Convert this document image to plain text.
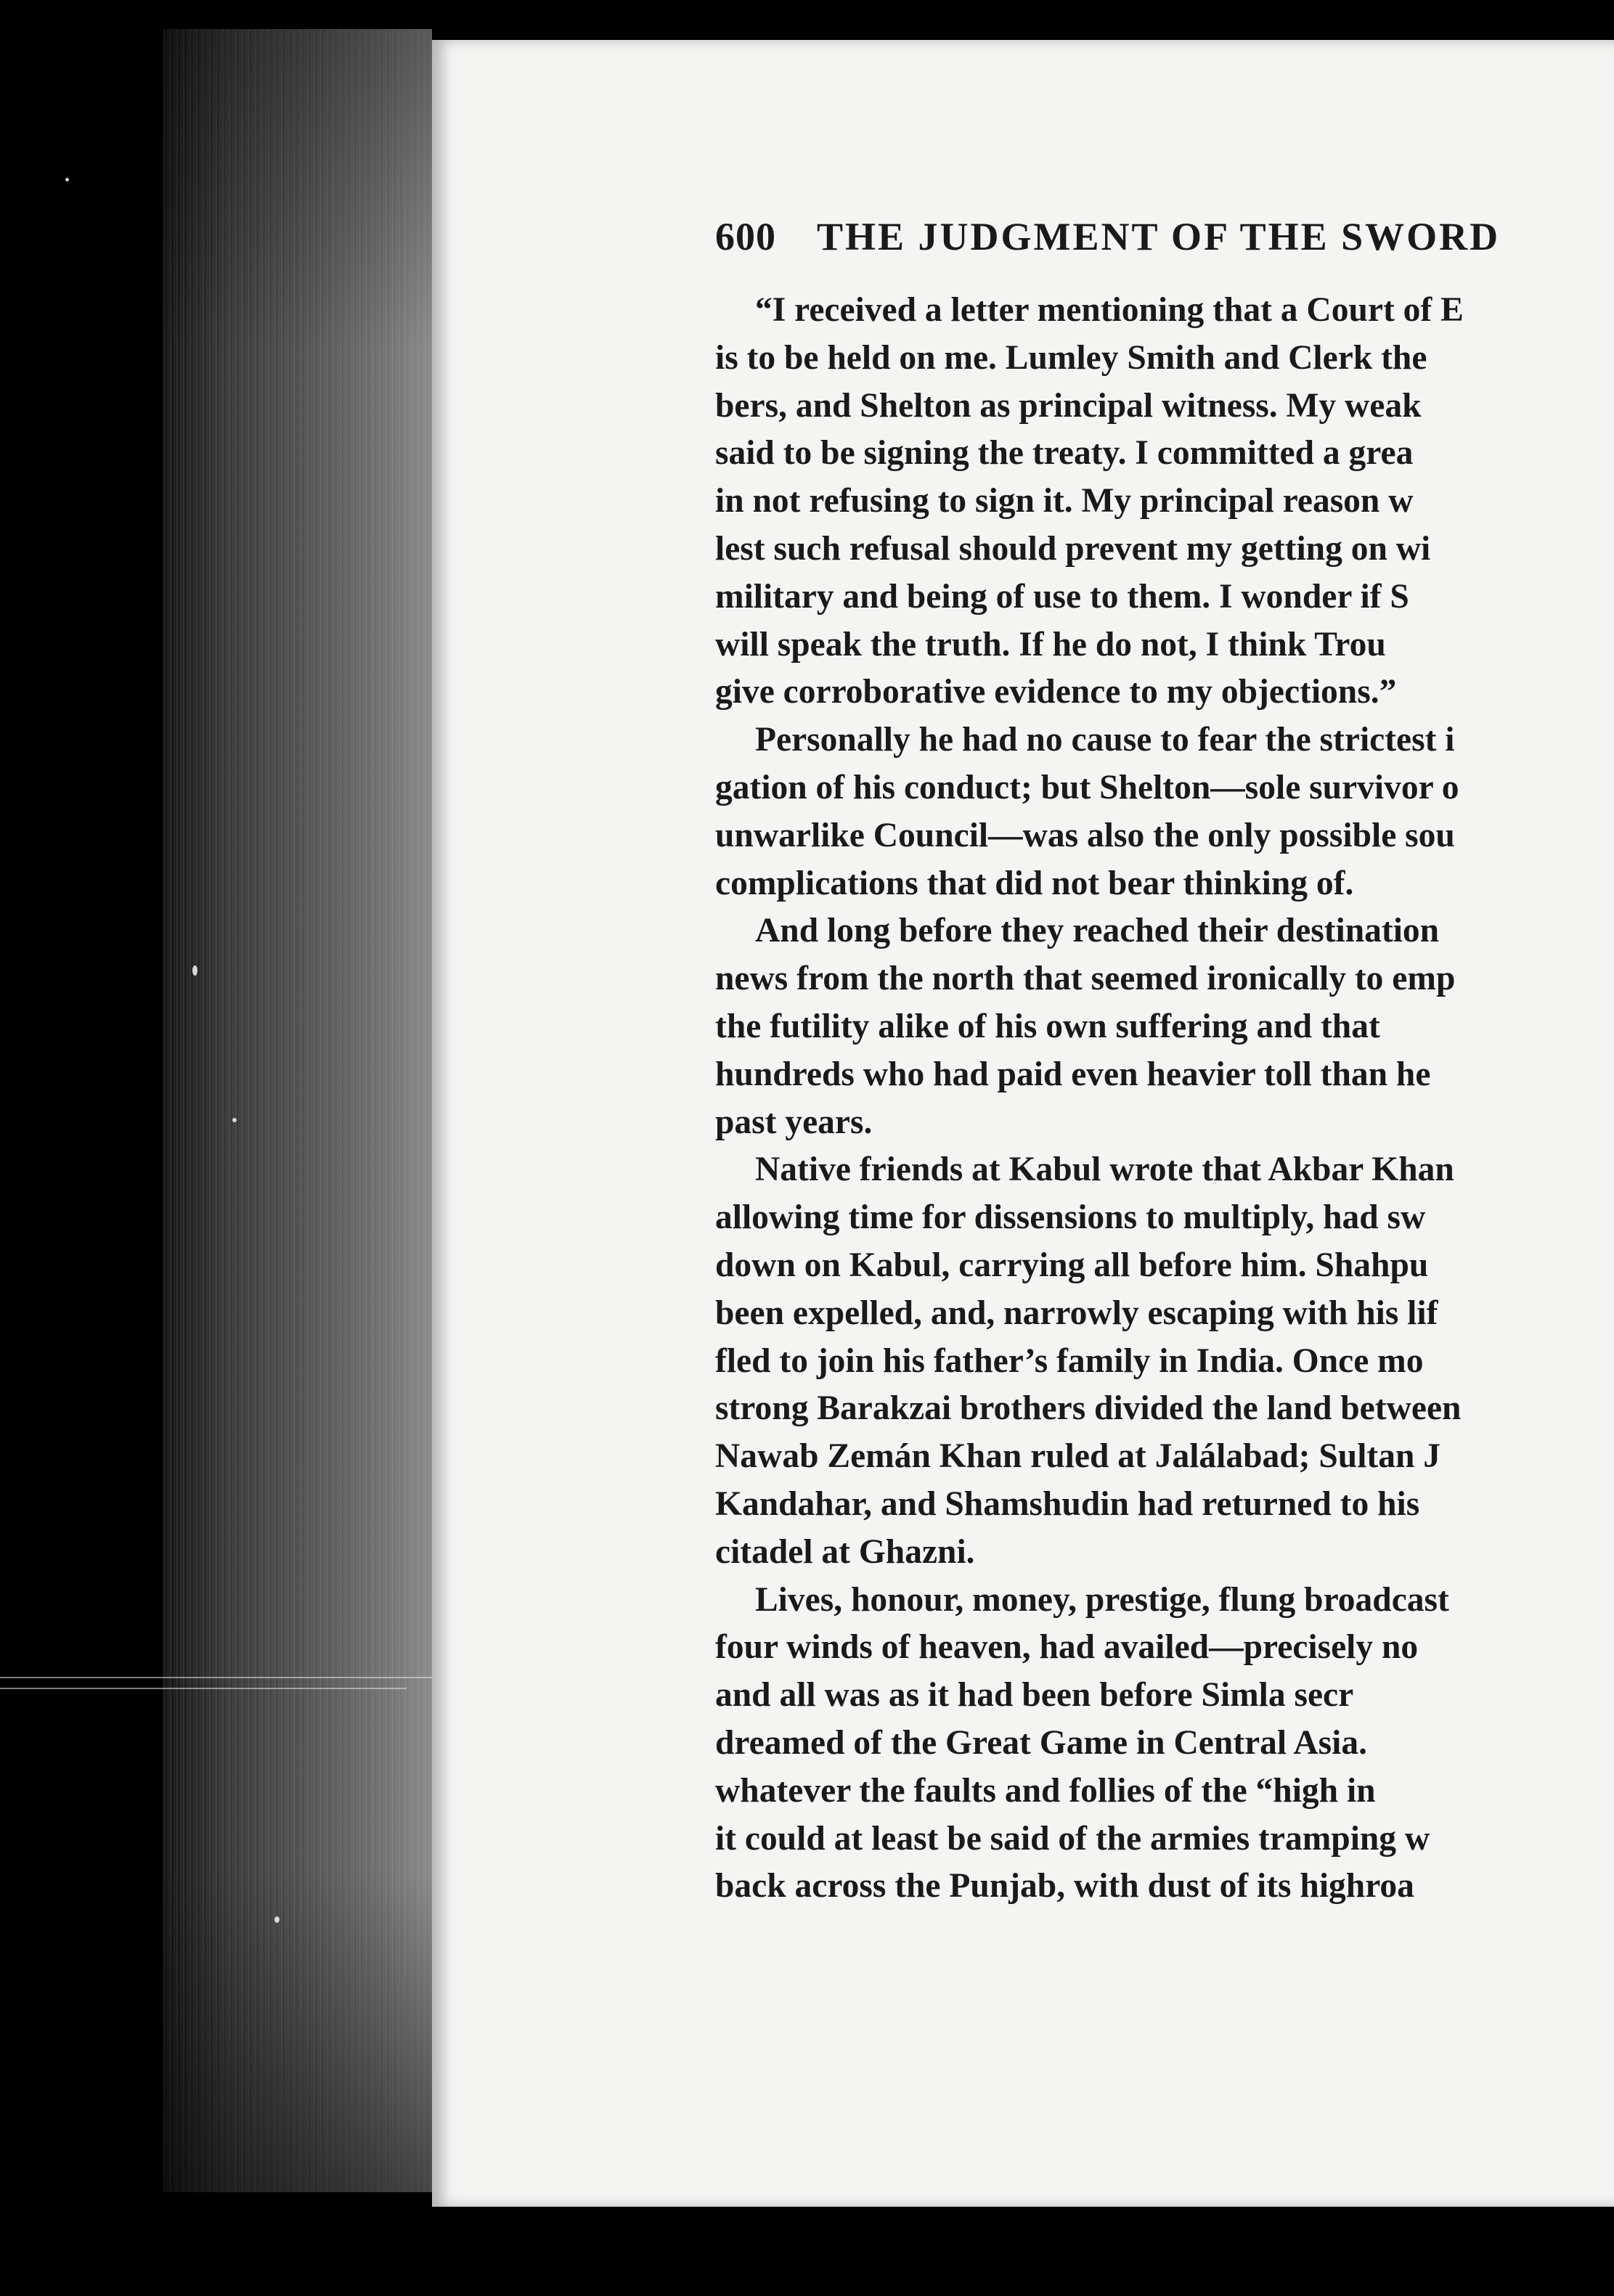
600 THE JUDGMENT OF THE SWORD
“I received a letter mentioning that a Court of E
is to be held on me. Lumley Smith and Clerk the
bers, and Shelton as principal witness. My weak
said to be signing the treaty. I committed a grea
in not refusing to sign it. My principal reason w
lest such refusal should prevent my getting on wi
military and being of use to them. I wonder if S
will speak the truth. If he do not, I think Trou
give corroborative evidence to my objections.”
Personally he had no cause to fear the strictest i
gation of his conduct; but Shelton—sole survivor o
unwarlike Council—was also the only possible sou
complications that did not bear thinking of.
And long before they reached their destination
news from the north that seemed ironically to emp
the futility alike of his own suffering and that
hundreds who had paid even heavier toll than he
past years.
Native friends at Kabul wrote that Akbar Khan
allowing time for dissensions to multiply, had sw
down on Kabul, carrying all before him. Shahpu
been expelled, and, narrowly escaping with his lif
fled to join his father’s family in India. Once mo
strong Barakzai brothers divided the land between
Nawab Zemán Khan ruled at Jalálabad; Sultan J
Kandahar, and Shamshudin had returned to his
citadel at Ghazni.
Lives, honour, money, prestige, flung broadcast
four winds of heaven, had availed—precisely no
and all was as it had been before Simla secr
dreamed of the Great Game in Central Asia.
whatever the faults and follies of the “high in
it could at least be said of the armies tramping w
back across the Punjab, with dust of its highroa
